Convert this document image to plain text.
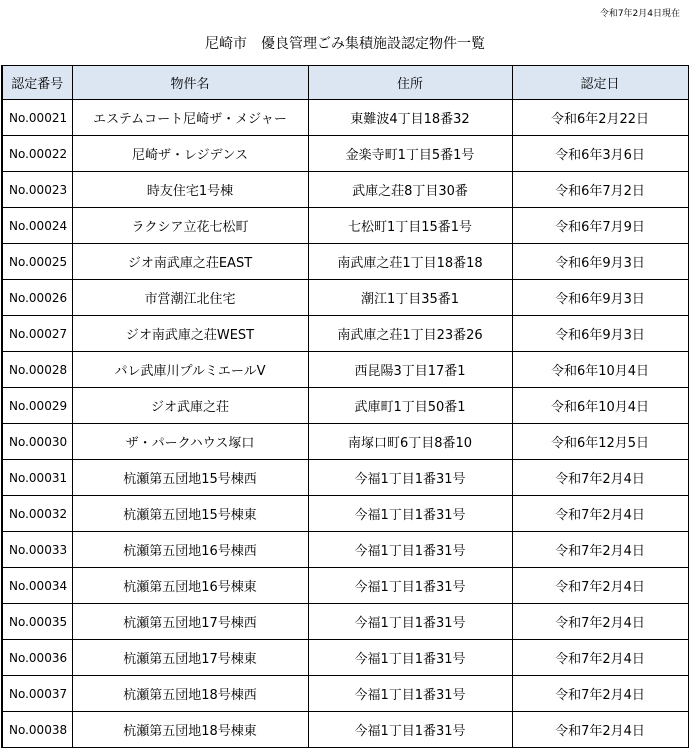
令和7年2月4日現在
尼崎市　優良管理ごみ集積施設認定物件一覧
認定番号	物件名	住所	認定日
No.00021	エステムコート尼崎ザ・メジャー	東難波4丁目18番32	令和6年2月22日
No.00022	尼崎ザ・レジデンス	金楽寺町1丁目5番1号	令和6年3月6日
No.00023	時友住宅1号棟	武庫之荘8丁目30番	令和6年7月2日
No.00024	ラクシア立花七松町	七松町1丁目15番1号	令和6年7月9日
No.00025	ジオ南武庫之荘EAST	南武庫之荘1丁目18番18	令和6年9月3日
No.00026	市営潮江北住宅	潮江1丁目35番1	令和6年9月3日
No.00027	ジオ南武庫之荘WEST	南武庫之荘1丁目23番26	令和6年9月3日
No.00028	パレ武庫川プルミエールⅤ	西昆陽3丁目17番1	令和6年10月4日
No.00029	ジオ武庫之荘	武庫町1丁目50番1	令和6年10月4日
No.00030	ザ・パークハウス塚口	南塚口町6丁目8番10	令和6年12月5日
No.00031	杭瀬第五団地15号棟西	今福1丁目1番31号	令和7年2月4日
No.00032	杭瀬第五団地15号棟東	今福1丁目1番31号	令和7年2月4日
No.00033	杭瀬第五団地16号棟西	今福1丁目1番31号	令和7年2月4日
No.00034	杭瀬第五団地16号棟東	今福1丁目1番31号	令和7年2月4日
No.00035	杭瀬第五団地17号棟西	今福1丁目1番31号	令和7年2月4日
No.00036	杭瀬第五団地17号棟東	今福1丁目1番31号	令和7年2月4日
No.00037	杭瀬第五団地18号棟西	今福1丁目1番31号	令和7年2月4日
No.00038	杭瀬第五団地18号棟東	今福1丁目1番31号	令和7年2月4日
